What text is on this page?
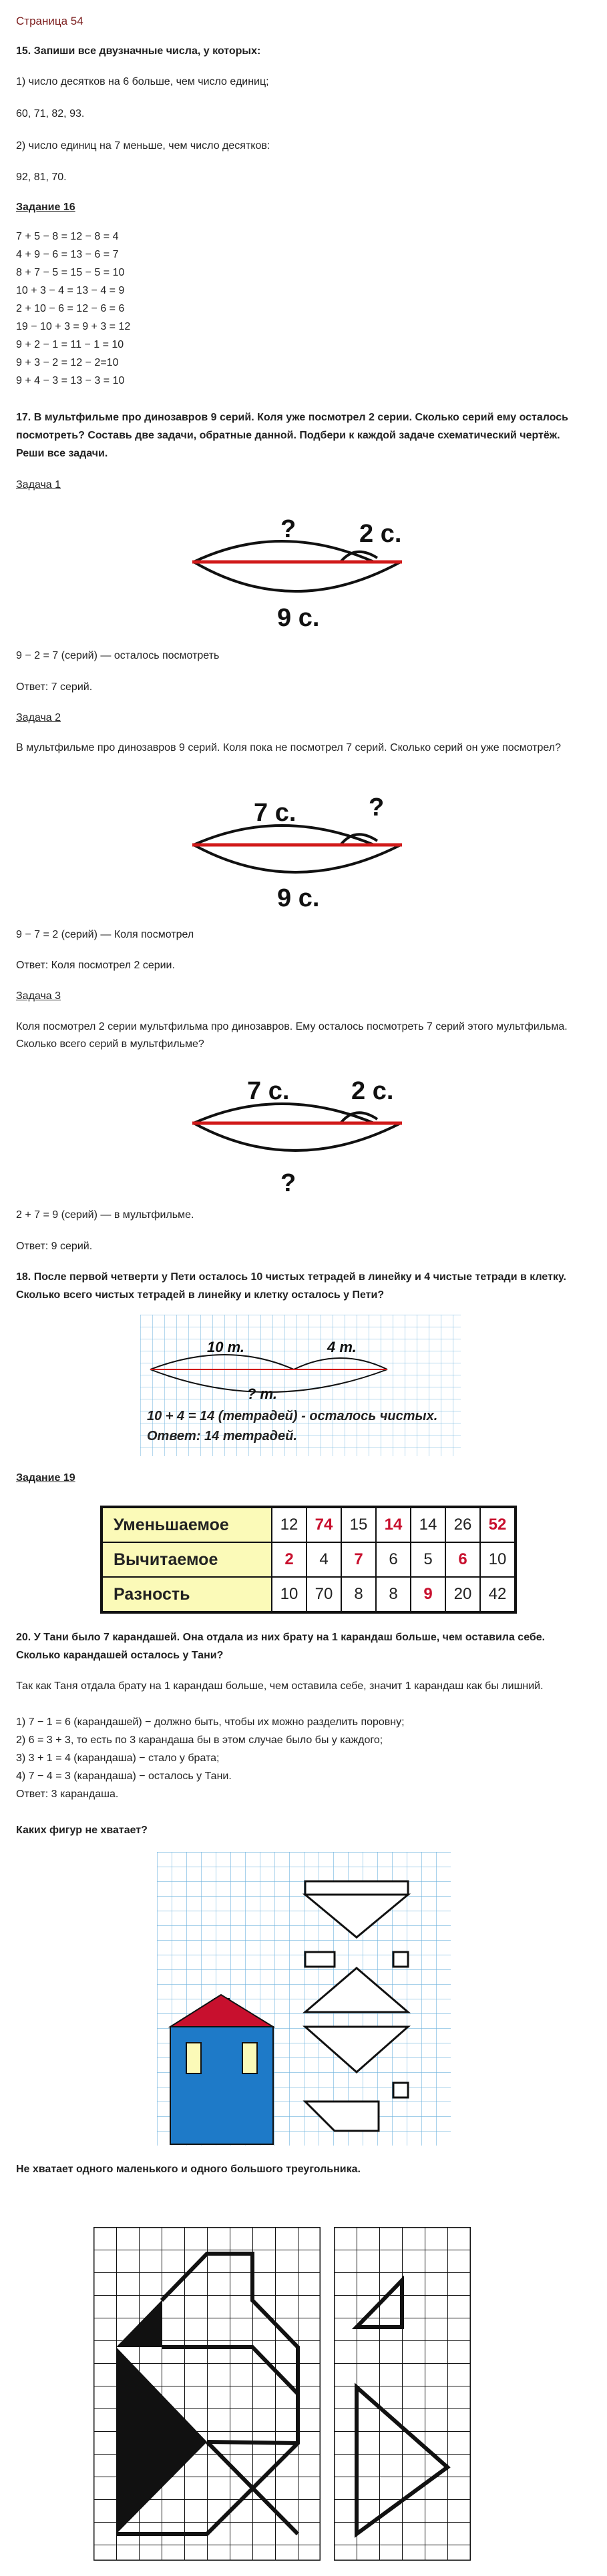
Страница 54

15. Запиши все двузначные числа, у которых:

1) число десятков на 6 больше, чем число единиц;

60, 71, 82, 93.

2) число единиц на 7 меньше, чем число десятков:

92, 81, 70.

Задание 16

7 + 5 − 8 = 12 − 8 = 4
4 + 9 − 6 = 13 − 6 = 7
8 + 7 − 5 = 15 − 5 = 10
10 + 3 − 4 = 13 − 4 = 9
2 + 10 − 6 = 12 − 6 = 6
19 − 10 + 3 = 9 + 3 = 12
9 + 2 − 1 = 11 − 1 = 10
9 + 3 − 2 = 12 − 2=10
9 + 4 − 3 = 13 − 3 = 10

17. В мультфильме про динозавров 9 серий. Коля уже посмотрел 2 серии. Сколько серий ему осталось посмотреть? Составь две задачи, обратные данной. Подбери к каждой задаче схематический чертёж. Реши все задачи.

Задача 1

? 2 с.
9 с.

9 − 2 = 7 (серий) — осталось посмотреть

Ответ: 7 серий.

Задача 2

В мультфильме про динозавров 9 серий. Коля пока не посмотрел 7 серий. Сколько серий он уже посмотрел?

7 с.	?
9 с.

9 − 7 = 2 (серий) — Коля посмотрел

Ответ: Коля посмотрел 2 серии.

Задача 3

Коля посмотрел 2 серии мультфильма про динозавров. Ему осталось посмотреть 7 серий этого мультфильма. Сколько всего серий в мультфильме?

7 с. 2 с.
?

2 + 7 = 9 (серий) — в мультфильме.

Ответ: 9 серий.

18. После первой четверти у Пети осталось 10 чистых тетрадей в линейку и 4 чистые тетради в клетку. Сколько всего чистых тетрадей в линейку и клетку осталось у Пети?

10 т.	4 т.
? т.
10 + 4 = 14 (тетрадей) - осталось чистых.
Ответ: 14 тетрадей.

Задание 19

Уменьшаемое	12	74	15	14	14	26	52
Вычитаемое	2	4	7	6	5	6	10
Разность	10	70	8	8	9	20	42

20. У Тани было 7 карандашей. Она отдала из них брату на 1 карандаш больше, чем оставила себе. Сколько карандашей осталось у Тани?

Так как Таня отдала брату на 1 карандаш больше, чем оставила себе, значит 1 карандаш как бы лишний.
1) 7 − 1 = 6 (карандашей) − должно быть, чтобы их можно разделить поровну;
2) 6 = 3 + 3, то есть по 3 карандаша бы в этом случае было бы у каждого;
3) 3 + 1 = 4 (карандаша) − стало у брата;
4) 7 − 4 = 3 (карандаша) − осталось у Тани.
Ответ: 3 карандаша.

Каких фигур не хватает?

Не хватает одного маленького и одного большого треугольника.
